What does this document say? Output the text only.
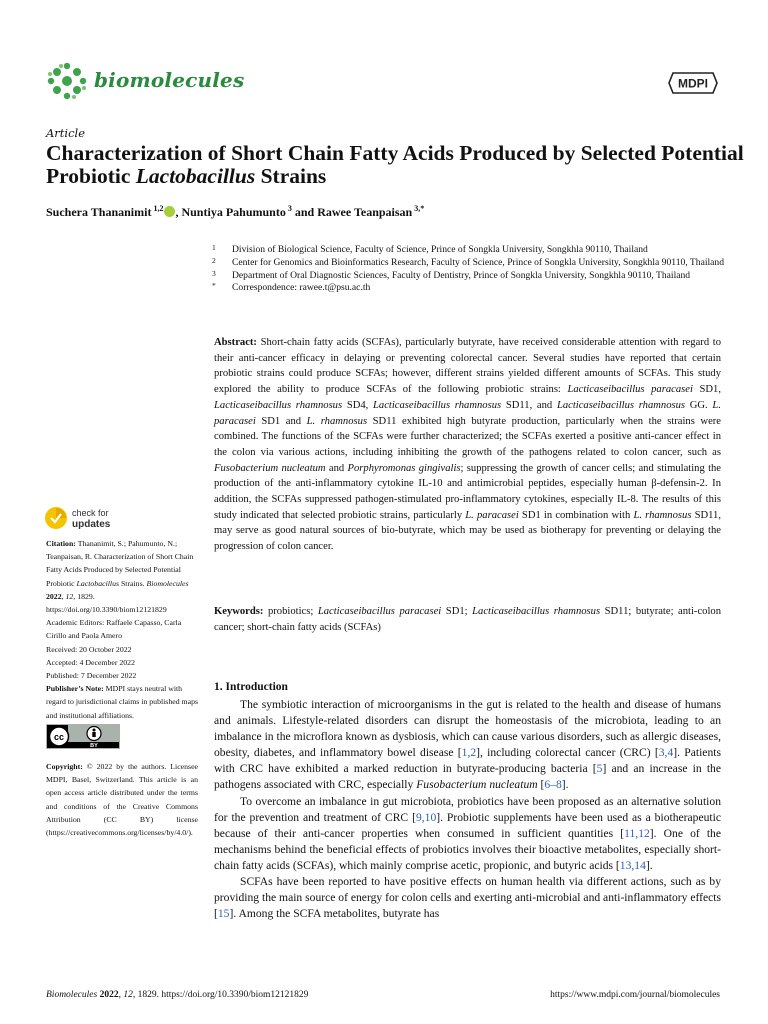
biomolecules	MDPI
Article
Characterization of Short Chain Fatty Acids Produced by Selected Potential Probiotic Lactobacillus Strains
Suchera Thananimit $^{1,2}$ , Nuntiya Pahumunto $^3$ and Rawee Teanpaisan $^{3,*}$
1 Division of Biological Science, Faculty of Science, Prince of Songkla University, Songkhla 90110, Thailand
2 Center for Genomics and Bioinformatics Research, Faculty of Science, Prince of Songkla University, Songkhla 90110, Thailand
3 Department of Oral Diagnostic Sciences, Faculty of Dentistry, Prince of Songkla University, Songkhla 90110, Thailand
* Correspondence: rawee.t@psu.ac.th

Abstract: Short-chain fatty acids (SCFAs), particularly butyrate, have received considerable attention with regard to their anti-cancer efficacy in delaying or preventing colorectal cancer. Several studies have reported that certain probiotic strains could produce SCFAs; however, different strains yielded different amounts of SCFAs. This study explored the ability to produce SCFAs of the following probiotic strains: Lacticaseibacillus paracasei SD1, Lacticaseibacillus rhamnosus SD4, Lacticaseibacillus rhamnosus SD11, and Lacticaseibacillus rhamnosus GG. L. paracasei SD1 and L. rhamnosus SD11 exhibited high butyrate production, particularly when the strains were combined. The functions of the SCFAs were further characterized; the SCFAs exerted a positive anti-cancer effect in the colon via various actions, including inhibiting the growth of the pathogens related to colon cancer, such as Fusobacterium nucleatum and Porphyromonas gingivalis; suppressing the growth of cancer cells; and stimulating the production of the anti-inflammatory cytokine IL-10 and antimicrobial peptides, especially human β-defensin-2. In addition, the SCFAs suppressed pathogen-stimulated pro-inflammatory cytokines, especially IL-8. The results of this study indicated that selected probiotic strains, particularly L. paracasei SD1 in combination with L. rhamnosus SD11, may serve as good natural sources of bio-butyrate, which may be used as biotherapy for preventing or delaying the progression of colon cancer.

Keywords: probiotics; Lacticaseibacillus paracasei SD1; Lacticaseibacillus rhamnosus SD11; butyrate; anti-colon cancer; short-chain fatty acids (SCFAs)

1. Introduction

The symbiotic interaction of microorganisms in the gut is related to the health and disease of humans and animals. Lifestyle-related disorders can disrupt the homeostasis of the microbiota, leading to an imbalance in the microflora known as dysbiosis, which can cause various disorders, such as allergic diseases, obesity, diabetes, and inflammatory bowel disease [1,2], including colorectal cancer (CRC) [3,4]. Patients with CRC have exhibited a marked reduction in butyrate-producing bacteria [5] and an increase in the pathogens associated with CRC, especially Fusobacterium nucleatum [6–8].

To overcome an imbalance in gut microbiota, probiotics have been proposed as an alternative solution for the prevention and treatment of CRC [9,10]. Probiotic supplements have been used as a biotherapeutic because of their anti-cancer properties when consumed in sufficient quantities [11,12]. One of the mechanisms behind the beneficial effects of probiotics involves their bioactive metabolites, especially short-chain fatty acids (SCFAs), which mainly comprise acetic, propionic, and butyric acids [13,14].

SCFAs have been reported to have positive effects on human health via different actions, such as by providing the main source of energy for colon cells and exerting anti-microbial and anti-inflammatory effects [15]. Among the SCFA metabolites, butyrate has

check for
updates

Citation: Thananimit, S.; Pahumunto, N.; Teanpaisan, R. Characterization of Short Chain Fatty Acids Produced by Selected Potential Probiotic Lactobacillus Strains. Biomolecules
2022, 12, 1829. https://doi.org/10.3390/biom12121829

Academic Editors: Raffaele Capasso, Carla Cirillo and Paola Amero

Received: 20 October 2022

Accepted: 4 December 2022

Published: 7 December 2022

Publisher’s Note: MDPI stays neutral with regard to jurisdictional claims in published maps and institutional affiliations.

cc
BY

Copyright: © 2022 by the authors. Licensee MDPI, Basel, Switzerland. This article is an open access article distributed under the terms and conditions of the Creative Commons Attribution (CC BY) license (https://creativecommons.org/licenses/by/4.0/).

Biomolecules 2022, 12, 1829. https://doi.org/10.3390/biom12121829	https://www.mdpi.com/journal/biomolecules
